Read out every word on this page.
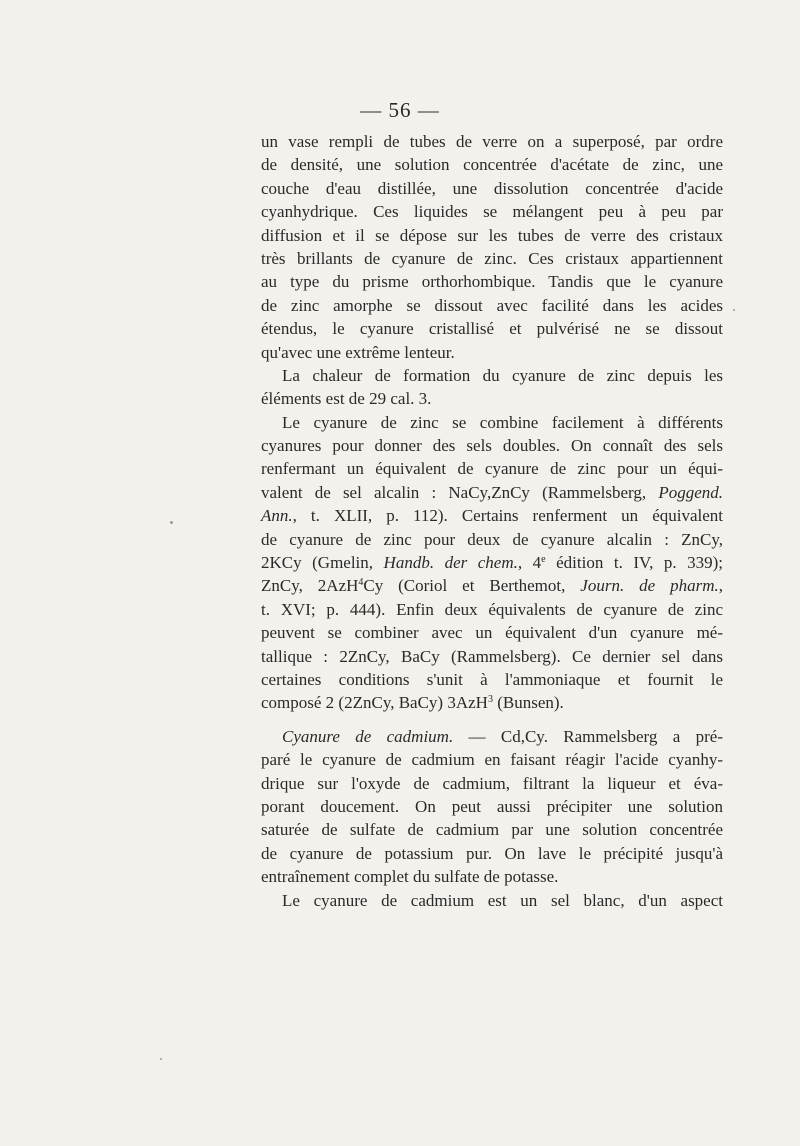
— 56 —
un vase rempli de tubes de verre on a superposé, par ordre
de densité, une solution concentrée d'acétate de zinc, une
couche d'eau distillée, une dissolution concentrée d'acide
cyanhydrique. Ces liquides se mélangent peu à peu par
diffusion et il se dépose sur les tubes de verre des cristaux
très brillants de cyanure de zinc. Ces cristaux appartiennent
au type du prisme orthorhombique. Tandis que le cyanure
de zinc amorphe se dissout avec facilité dans les acides
étendus, le cyanure cristallisé et pulvérisé ne se dissout
qu'avec une extrême lenteur.
La chaleur de formation du cyanure de zinc depuis les
éléments est de 29 cal. 3.
Le cyanure de zinc se combine facilement à différents
cyanures pour donner des sels doubles. On connaît des sels
renfermant un équivalent de cyanure de zinc pour un équi-
valent de sel alcalin : NaCy,ZnCy (Rammelsberg, Poggend.
Ann., t. XLII, p. 112). Certains renferment un équivalent
de cyanure de zinc pour deux de cyanure alcalin : ZnCy,
2KCy (Gmelin, Handb. der chem., 4e édition t. IV, p. 339);
ZnCy, 2AzH$^4$Cy (Coriol et Berthemot, Journ. de pharm.,
t. XVI; p. 444). Enfin deux équivalents de cyanure de zinc
peuvent se combiner avec un équivalent d'un cyanure mé-
tallique : 2ZnCy, BaCy (Rammelsberg). Ce dernier sel dans
certaines conditions s'unit à l'ammoniaque et fournit le
composé 2 (2ZnCy, BaCy) 3AzH$^3$ (Bunsen).
Cyanure de cadmium. — Cd,Cy. Rammelsberg a pré-
paré le cyanure de cadmium en faisant réagir l'acide cyanhy-
drique sur l'oxyde de cadmium, filtrant la liqueur et éva-
porant doucement. On peut aussi précipiter une solution
saturée de sulfate de cadmium par une solution concentrée
de cyanure de potassium pur. On lave le précipité jusqu'à
entraînement complet du sulfate de potasse.
Le cyanure de cadmium est un sel blanc, d'un aspect
